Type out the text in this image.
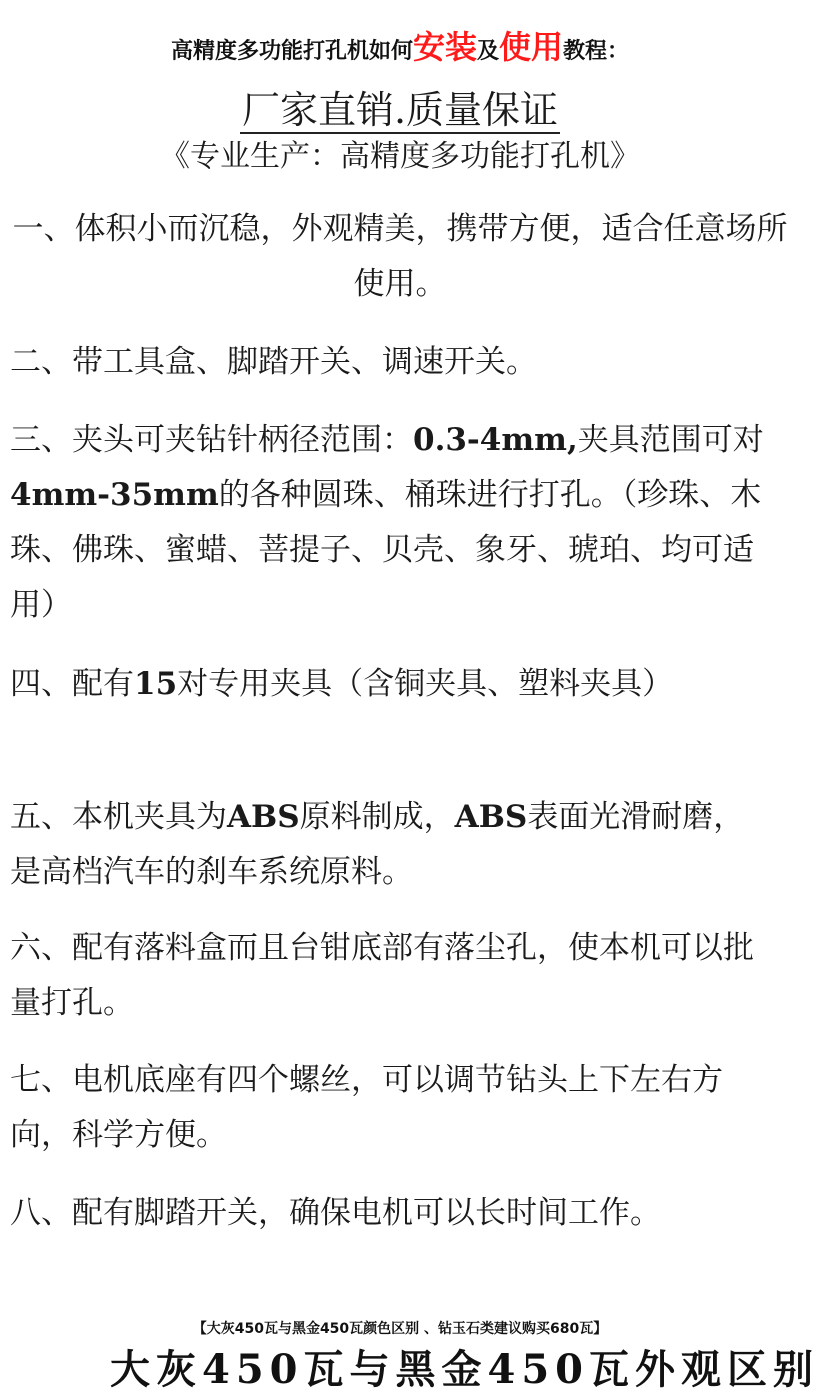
高精度多功能打孔机如何安装及使用教程：
厂家直销.质量保证
《专业生产：高精度多功能打孔机》
一、体积小而沉稳，外观精美，携带方便，适合任意场所使用。
二、带工具盒、脚踏开关、调速开关。
三、夹头可夹钻针柄径范围：0.3-4mm,夹具范围可对4mm-35mm的各种圆珠、桶珠进行打孔。（珍珠、木珠、佛珠、蜜蜡、菩提子、贝壳、象牙、琥珀、均可适用）
四、配有15对专用夹具（含铜夹具、塑料夹具）
五、本机夹具为ABS原料制成，ABS表面光滑耐磨，是高档汽车的刹车系统原料。
六、配有落料盒而且台钳底部有落尘孔，使本机可以批量打孔。
七、电机底座有四个螺丝，可以调节钻头上下左右方向，科学方便。
八、配有脚踏开关，确保电机可以长时间工作。
【大灰450瓦与黑金450瓦颜色区别 、钻玉石类建议购买680瓦】
大灰450瓦与黑金450瓦外观区别
